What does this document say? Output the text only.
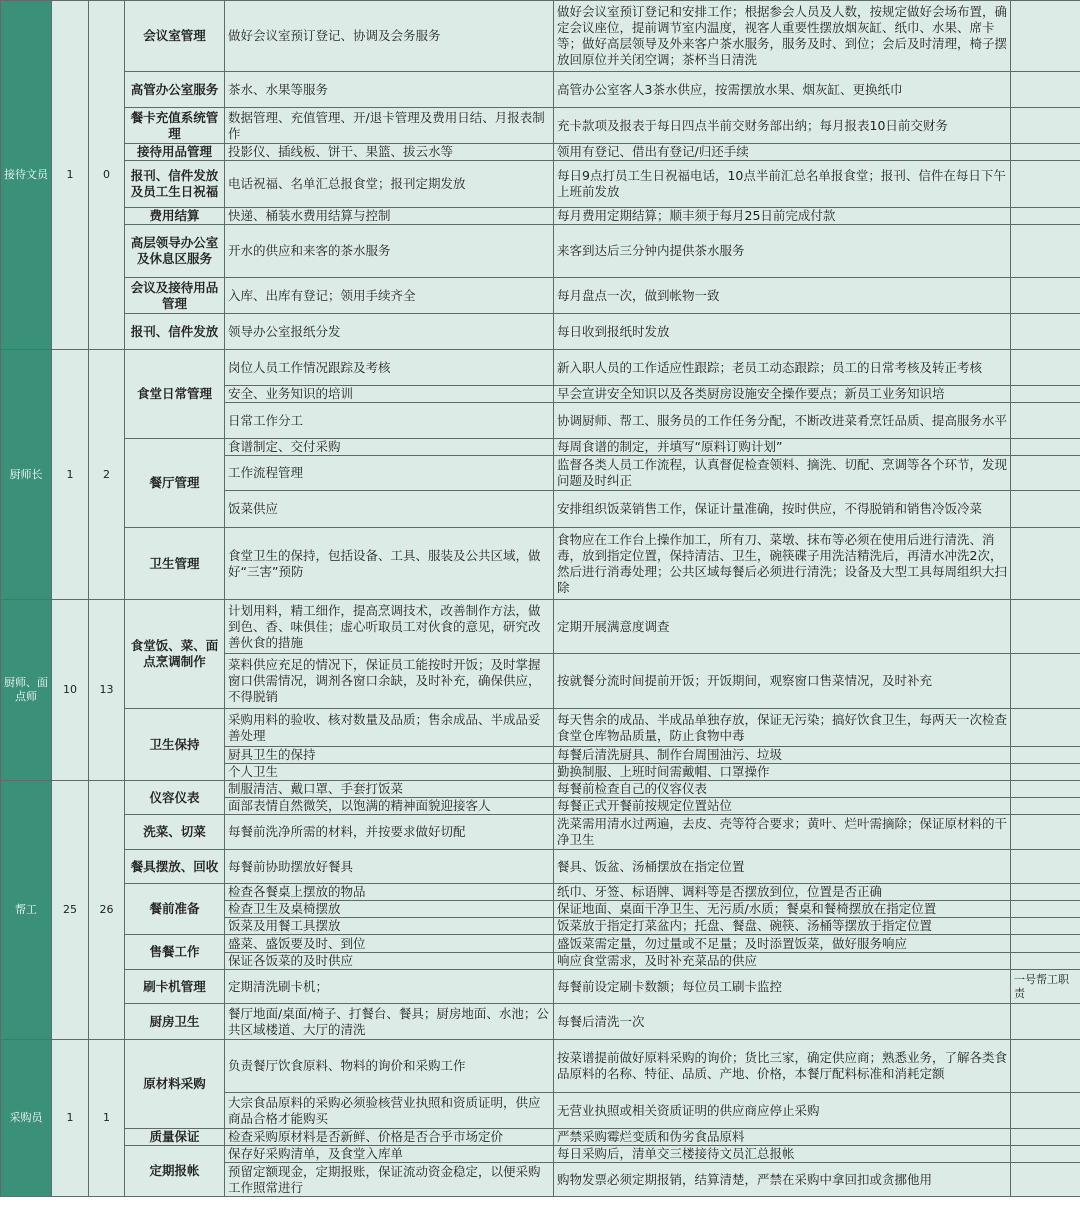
接待文员	1	0	会议室管理	做好会议室预订登记、协调及会务服务	做好会议室预订登记和安排工作；根据参会人员及人数，按规定做好会场布置，确定会议座位，提前调节室内温度，视客人重要性摆放烟灰缸、纸巾、水果、席卡等；做好高层领导及外来客户茶水服务，服务及时、到位；会后及时清理，椅子摆放回原位并关闭空调；茶杯当日清洗	
			高管办公室服务	茶水、水果等服务	高管办公室客人3茶水供应，按需摆放水果、烟灰缸、更换纸巾	
			餐卡充值系统管理	数据管理、充值管理、开/退卡管理及费用日结、月报表制作	充卡款项及报表于每日四点半前交财务部出纳；每月报表10日前交财务	
			接待用品管理	投影仪、插线板、饼干、果篮、拔云水等	领用有登记、借出有登记/归还手续	
			报刊、信件发放及员工生日祝福	电话祝福、名单汇总报食堂；报刊定期发放	每日9点打员工生日祝福电话，10点半前汇总名单报食堂；报刊、信件在每日下午上班前发放	
			费用结算	快递、桶装水费用结算与控制	每月费用定期结算；顺丰须于每月25日前完成付款	
			高层领导办公室及休息区服务	开水的供应和来客的茶水服务	来客到达后三分钟内提供茶水服务	
			会议及接待用品管理	入库、出库有登记；领用手续齐全	每月盘点一次，做到帐物一致	
			报刊、信件发放	领导办公室报纸分发	每日收到报纸时发放	
厨师长	1	2	食堂日常管理	岗位人员工作情况跟踪及考核	新入职人员的工作适应性跟踪；老员工动态跟踪；员工的日常考核及转正考核	
				安全、业务知识的培训	早会宣讲安全知识以及各类厨房设施安全操作要点；新员工业务知识培	
				日常工作分工	协调厨师、帮工、服务员的工作任务分配，不断改进菜肴烹饪品质、提高服务水平	
			餐厅管理	食谱制定、交付采购	每周食谱的制定，并填写“原料订购计划”	
				工作流程管理	监督各类人员工作流程，认真督促检查领料、摘洗、切配、烹调等各个环节，发现问题及时纠正	
				饭菜供应	安排组织饭菜销售工作，保证计量准确，按时供应，不得脱销和销售冷饭冷菜	
			卫生管理	食堂卫生的保持，包括设备、工具、服装及公共区域，做好“三害”预防	食物应在工作台上操作加工，所有刀、菜墩、抹布等必须在使用后进行清洗、消毒，放到指定位置，保持清洁、卫生，碗筷碟子用洗洁精洗后，再清水冲洗2次，然后进行消毒处理；公共区域每餐后必须进行清洗；设备及大型工具每周组织大扫除	
厨师、面点师	10	13	食堂饭、菜、面点烹调制作	计划用料，精工细作，提高烹调技术，改善制作方法，做到色、香、味俱佳；虚心听取员工对伙食的意见，研究改善伙食的措施	定期开展满意度调查	
				菜料供应充足的情况下，保证员工能按时开饭；及时掌握窗口供需情况，调剂各窗口余缺，及时补充，确保供应，不得脱销	按就餐分流时间提前开饭；开饭期间，观察窗口售菜情况，及时补充	
			卫生保持	采购用料的验收、核对数量及品质；售余成品、半成品妥善处理	每天售余的成品、半成品单独存放，保证无污染；搞好饮食卫生，每两天一次检查食堂仓库物品质量，防止食物中毒	
				厨具卫生的保持	每餐后清洗厨具、制作台周围油污、垃圾	
				个人卫生	勤换制服、上班时间需戴帽、口罩操作	
帮工	25	26	仪容仪表	制服清洁、戴口罩、手套打饭菜	每餐前检查自己的仪容仪表	
				面部表情自然微笑，以饱满的精神面貌迎接客人	每餐正式开餐前按规定位置站位	
			洗菜、切菜	每餐前洗净所需的材料，并按要求做好切配	洗菜需用清水过两遍，去皮、壳等符合要求；黄叶、烂叶需摘除；保证原材料的干净卫生	
			餐具摆放、回收	每餐前协助摆放好餐具	餐具、饭盆、汤桶摆放在指定位置	
			餐前准备	检查各餐桌上摆放的物品	纸巾、牙签、标语牌、调料等是否摆放到位，位置是否正确	
				检查卫生及桌椅摆放	保证地面、桌面干净卫生、无污质/水质；餐桌和餐椅摆放在指定位置	
				饭菜及用餐工具摆放	饭菜放于指定打菜盆内；托盘、餐盘、碗筷、汤桶等摆放于指定位置	
			售餐工作	盛菜、盛饭要及时、到位	盛饭菜需定量，勿过量或不足量；及时添置饭菜，做好服务响应	
				保证各饭菜的及时供应	响应食堂需求，及时补充菜品的供应	
			刷卡机管理	定期清洗刷卡机；	每餐前设定刷卡数额；每位员工刷卡监控	一号帮工职责
			厨房卫生	餐厅地面/桌面/椅子、打餐台、餐具；厨房地面、水池；公共区域楼道、大厅的清洗	每餐后清洗一次	
采购员	1	1	原材料采购	负责餐厅饮食原料、物料的询价和采购工作	按菜谱提前做好原料采购的询价；货比三家，确定供应商；熟悉业务，了解各类食品原料的名称、特征、品质、产地、价格，本餐厅配料标准和消耗定额	
				大宗食品原料的采购必须验核营业执照和资质证明，供应商品合格才能购买	无营业执照或相关资质证明的供应商应停止采购	
			质量保证	检查采购原材料是否新鲜、价格是否合乎市场定价	严禁采购霉烂变质和伪劣食品原料	
			定期报帐	保存好采购清单，及食堂入库单	每日采购后，清单交三楼接待文员汇总报帐	
				预留定额现金，定期报账，保证流动资金稳定，以便采购工作照常进行	购物发票必须定期报销，结算清楚，严禁在采购中拿回扣或贪挪他用	
